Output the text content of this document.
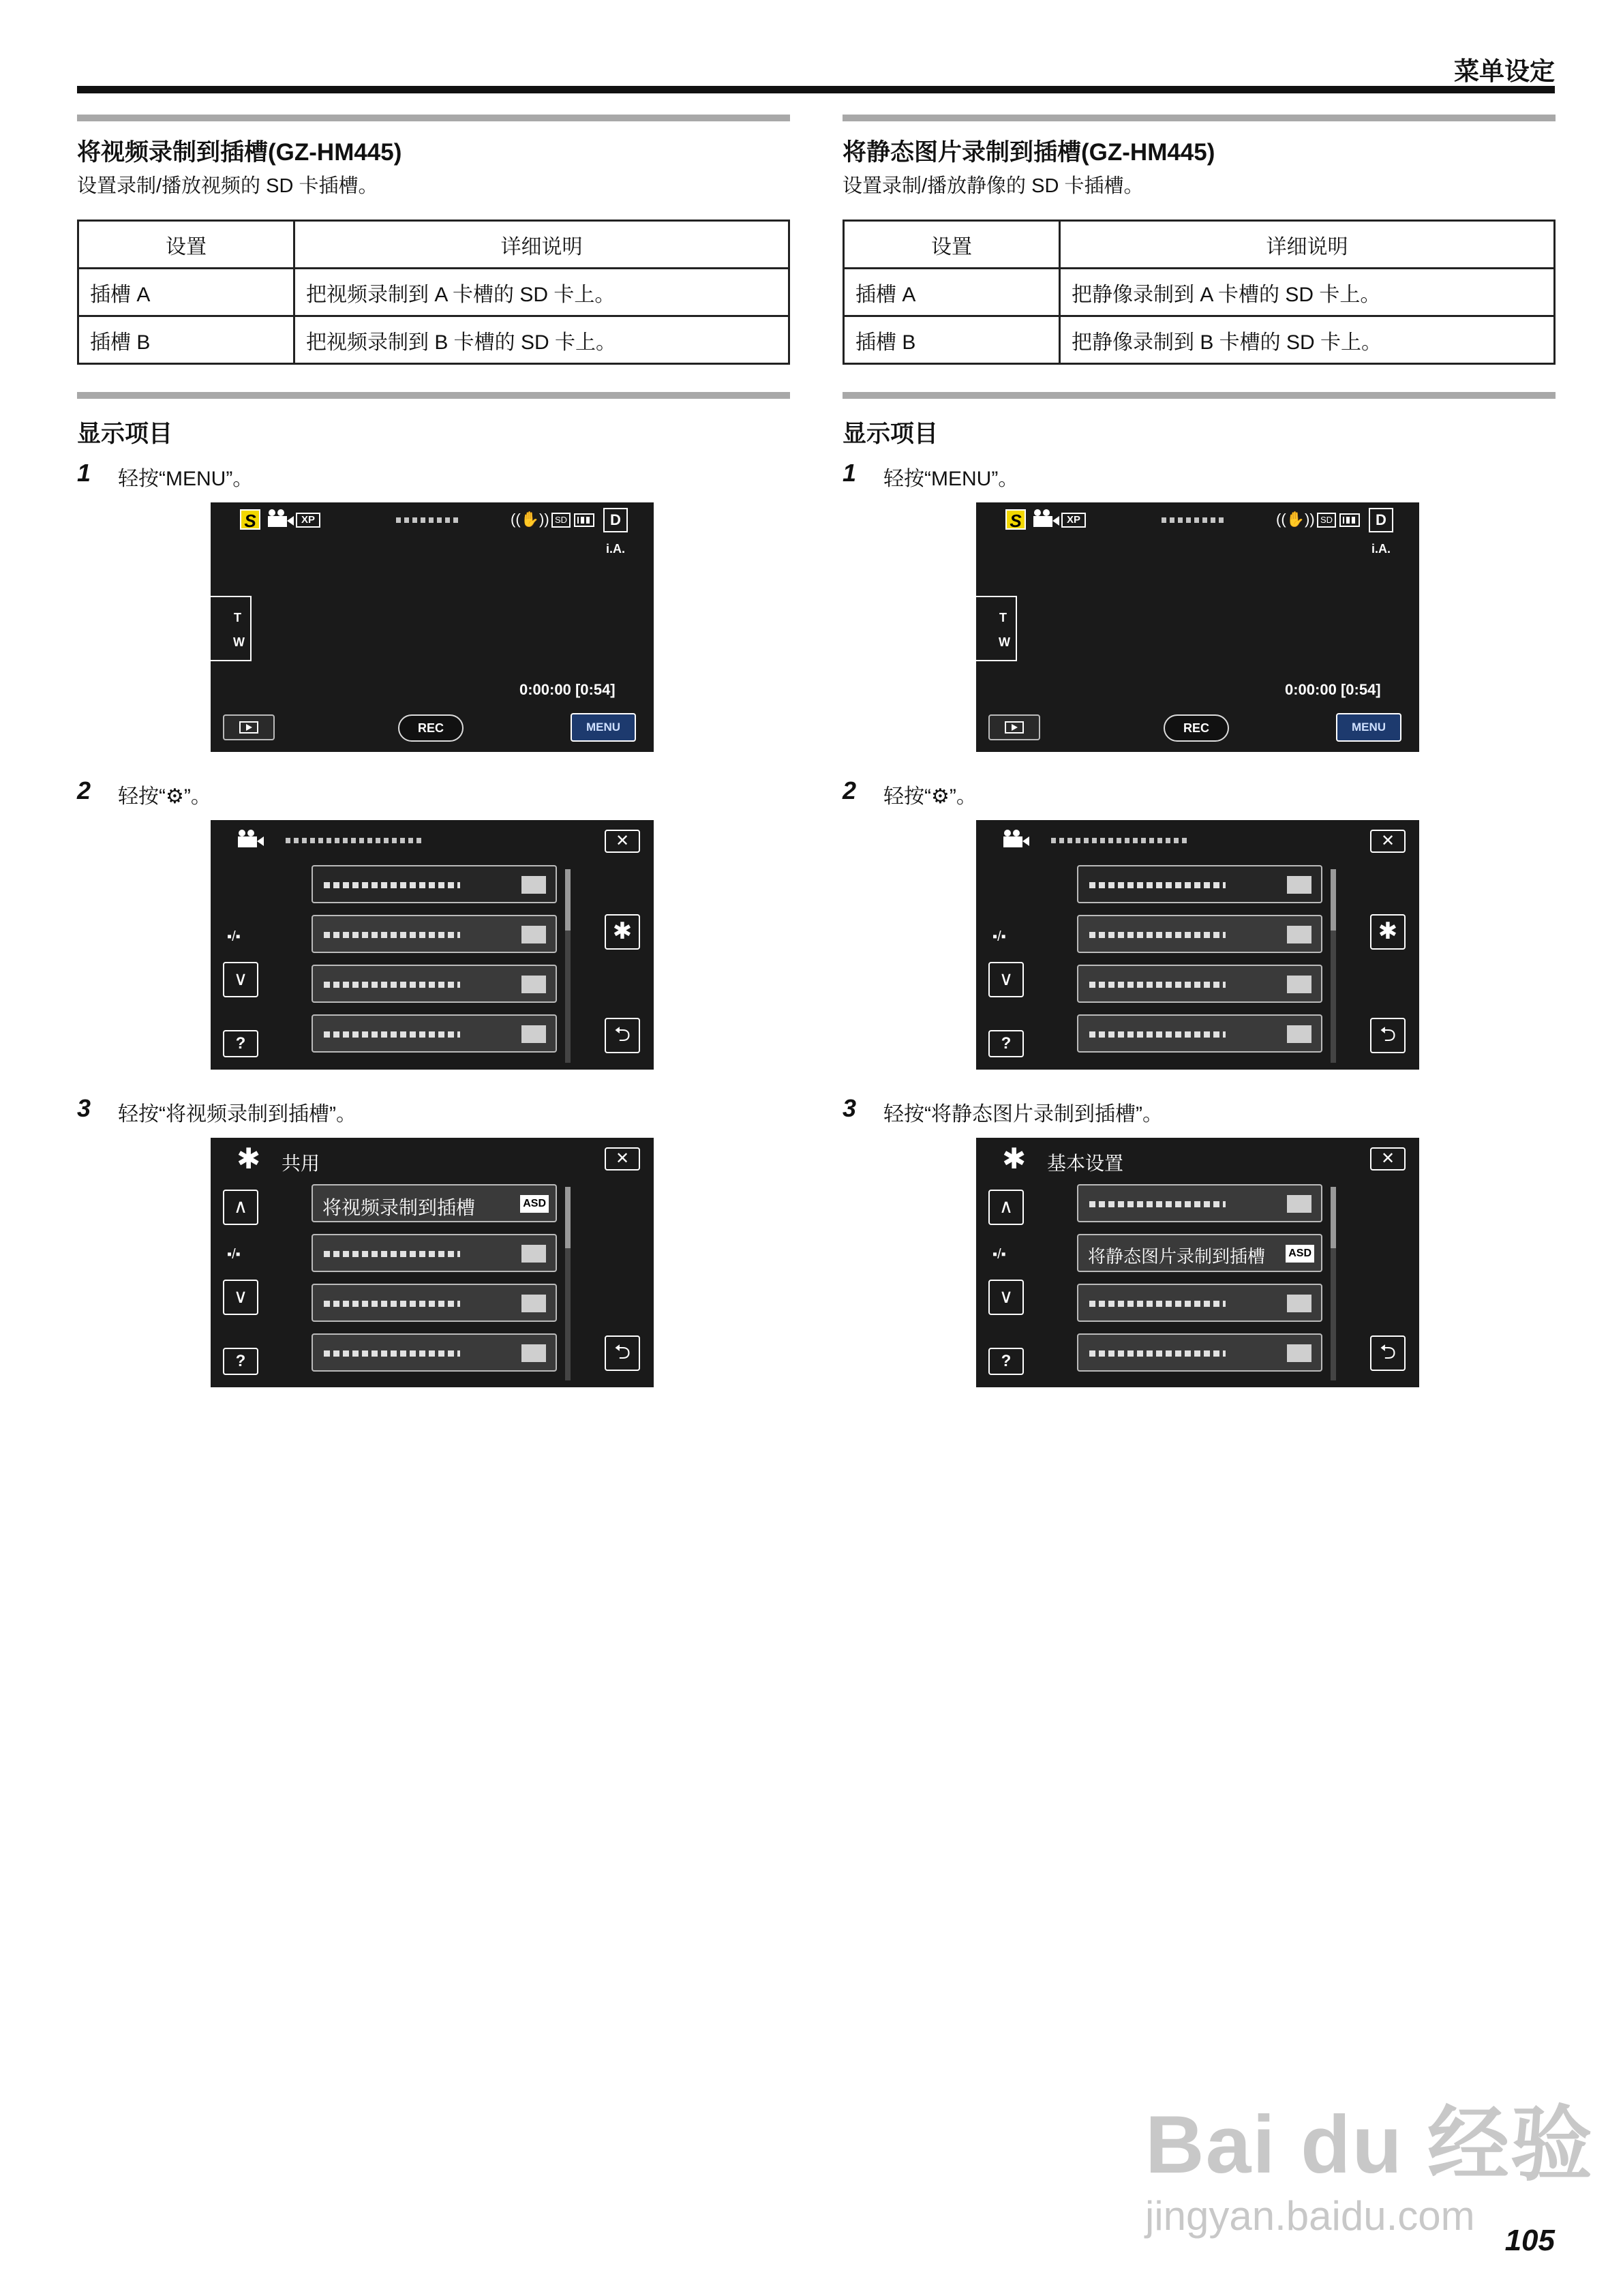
菜单设定
将视频录制到插槽(GZ-HM445)
设置录制/播放视频的 SD 卡插槽。
设置	详细说明
插槽 A	把视频录制到 A 卡槽的 SD 卡上。
插槽 B	把视频录制到 B 卡槽的 SD 卡上。
显示项目
1 轻按“MENU”。
S	XP	((✋)) SD	D
i.A.
T
W
0:00:00 [0:54]
REC	MENU
2 轻按“⚙”。
✕
▪/▪
∨
?
✱
⮌
3 轻按“将视频录制到插槽”。
✱ 共用	✕
将视频录制到插槽	ASD
∧
▪/▪
∨
?	⮌
将静态图片录制到插槽(GZ-HM445)
设置录制/播放静像的 SD 卡插槽。
设置	详细说明
插槽 A	把静像录制到 A 卡槽的 SD 卡上。
插槽 B	把静像录制到 B 卡槽的 SD 卡上。
显示项目
1 轻按“MENU”。
S	XP	((✋)) SD	D
i.A.
T
W
0:00:00 [0:54]
REC	MENU
2 轻按“⚙”。
✕
▪/▪
∨
?
✱
⮌
3 轻按“将静态图片录制到插槽”。
✱ 基本设置	✕
将静态图片录制到插槽 ASD
∧
▪/▪
∨
?	⮌
Bai du 经验
jingyan.baidu.com
105
